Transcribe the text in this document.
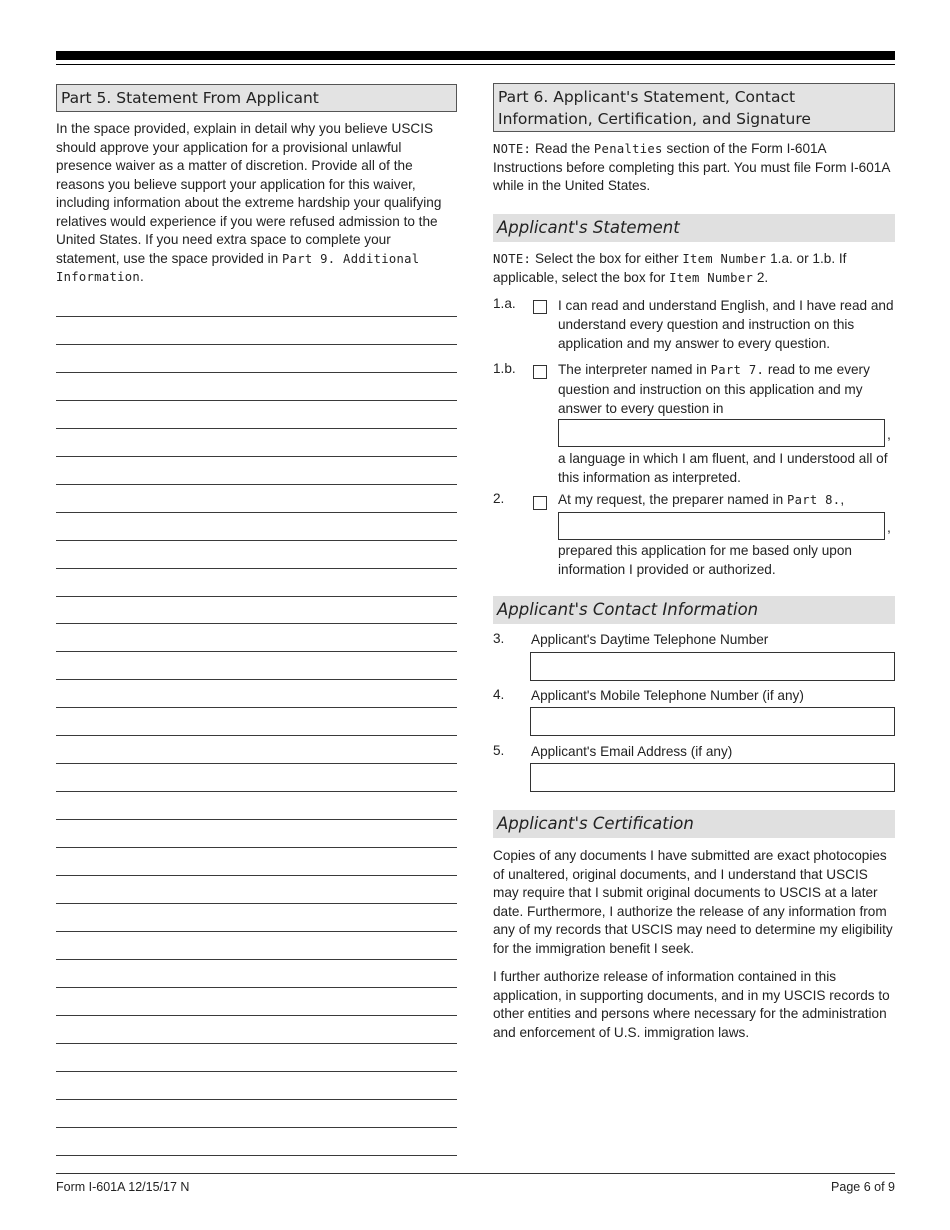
Part 5. Statement From Applicant

In the space provided, explain in detail why you believe USCIS should approve your application for a provisional unlawful presence waiver as a matter of discretion. Provide all of the reasons you believe support your application for this waiver, including information about the extreme hardship your qualifying relatives would experience if you were refused admission to the United States. If you need extra space to complete your statement, use the space provided in Part 9. Additional Information.

Part 6. Applicant's Statement, Contact
Information, Certification, and Signature

NOTE: Read the Penalties section of the Form I-601A Instructions before completing this part. You must file Form I-601A while in the United States.

Applicant's Statement

NOTE: Select the box for either Item Number 1.a. or 1.b. If applicable, select the box for Item Number 2.

1.a.	I can read and understand English, and I have read and understand every question and instruction on this application and my answer to every question.
1.b.	The interpreter named in Part 7. read to me every question and instruction on this application and my answer to every question in
,
a language in which I am fluent, and I understood all of this information as interpreted.
2.	At my request, the preparer named in Part 8.,
,
prepared this application for me based only upon information I provided or authorized.
Applicant's Contact Information
3. Applicant's Daytime Telephone Number
4. Applicant's Mobile Telephone Number (if any)
5. Applicant's Email Address (if any)
Applicant's Certification

Copies of any documents I have submitted are exact photocopies of unaltered, original documents, and I understand that USCIS may require that I submit original documents to USCIS at a later date. Furthermore, I authorize the release of any information from any of my records that USCIS may need to determine my eligibility for the immigration benefit I seek.

I further authorize release of information contained in this application, in supporting documents, and in my USCIS records to other entities and persons where necessary for the administration and enforcement of U.S. immigration laws.

Form I-601A 12/15/17 N	Page 6 of 9
